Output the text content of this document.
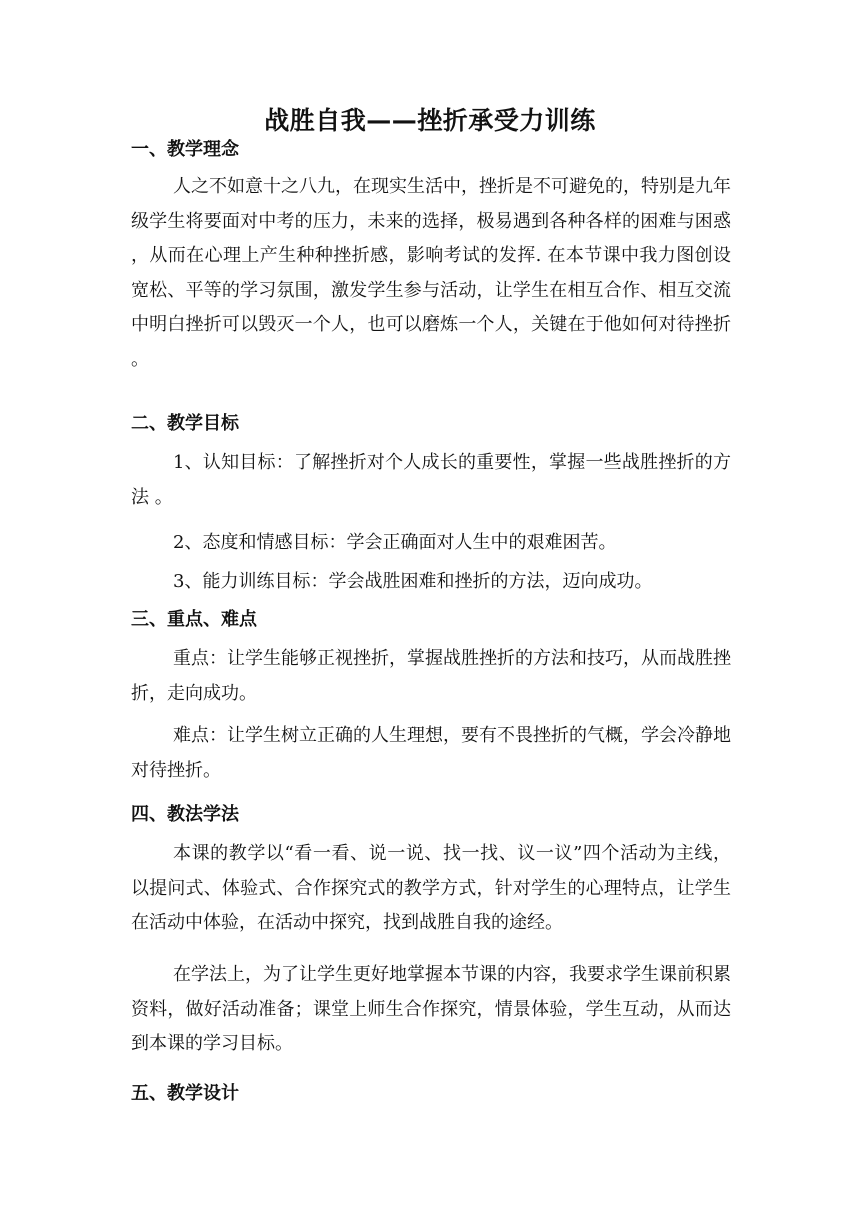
战胜自我——挫折承受力训练
一、教学理念
人之不如意十之八九，在现实生活中，挫折是不可避免的，特别是九年级学生将要面对中考的压力，未来的选择，极易遇到各种各样的困难与困惑，从而在心理上产生种种挫折感，影响考试的发挥. 在本节课中我力图创设宽松、平等的学习氛围，激发学生参与活动，让学生在相互合作、相互交流中明白挫折可以毁灭一个人，也可以磨炼一个人，关键在于他如何对待挫折。
二、教学目标
1、认知目标：了解挫折对个人成长的重要性，掌握一些战胜挫折的方法 。
2、态度和情感目标：学会正确面对人生中的艰难困苦。
3、能力训练目标：学会战胜困难和挫折的方法，迈向成功。
三、重点、难点
重点：让学生能够正视挫折，掌握战胜挫折的方法和技巧，从而战胜挫折，走向成功。
难点：让学生树立正确的人生理想，要有不畏挫折的气概，学会冷静地对待挫折。
四、教法学法
本课的教学以“看一看、说一说、找一找、议一议”四个活动为主线，以提问式、体验式、合作探究式的教学方式，针对学生的心理特点，让学生在活动中体验，在活动中探究，找到战胜自我的途经。
在学法上，为了让学生更好地掌握本节课的内容，我要求学生课前积累资料，做好活动准备；课堂上师生合作探究，情景体验，学生互动，从而达到本课的学习目标。
五、教学设计
